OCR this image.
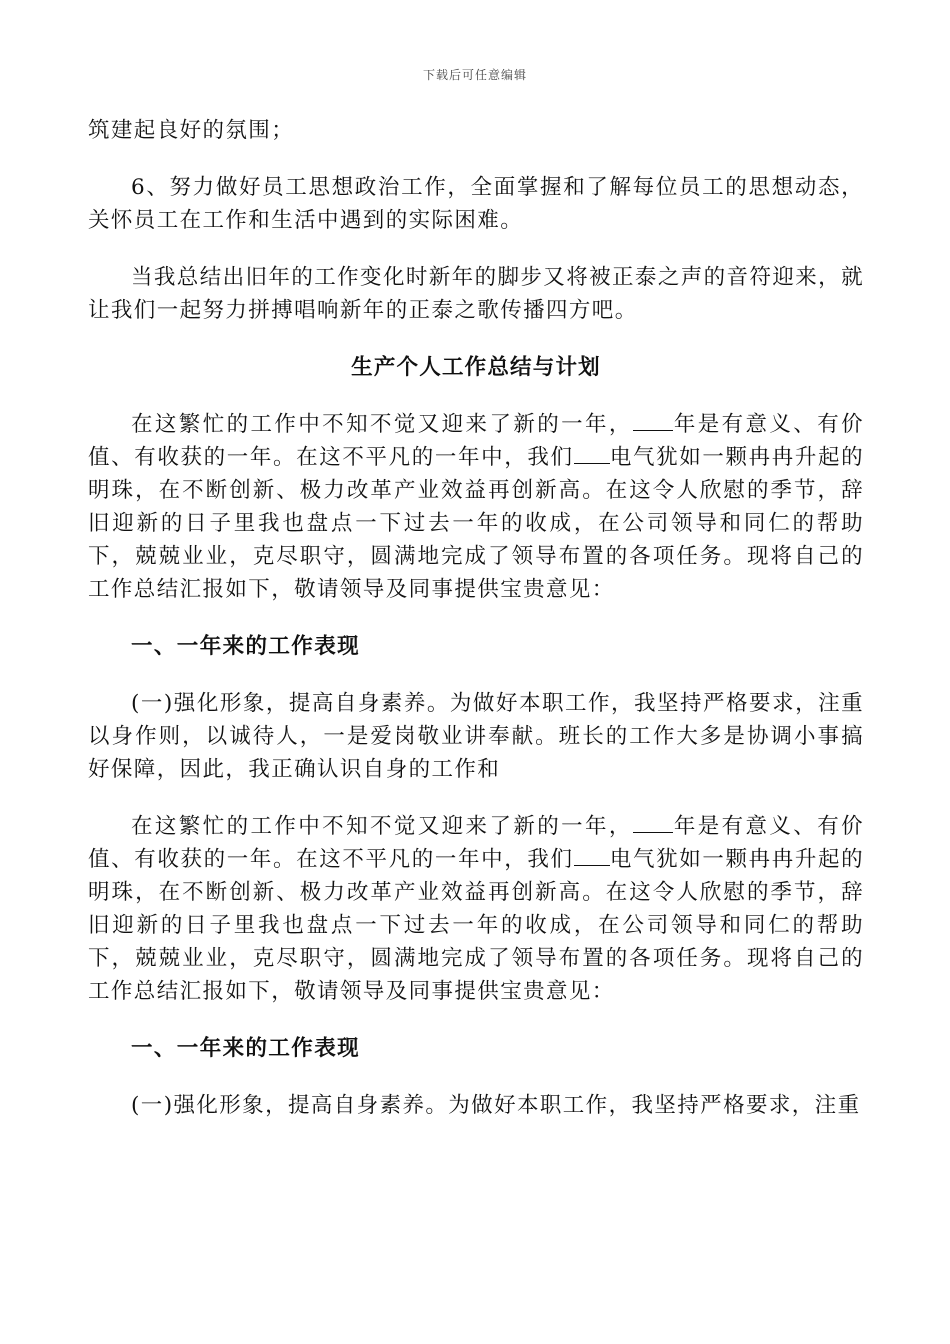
下载后可任意编辑

筑建起良好的氛围；

6、努力做好员工思想政治工作，全面掌握和了解每位员工的思想动态，关怀员工在工作和生活中遇到的实际困难。

当我总结出旧年的工作变化时新年的脚步又将被正泰之声的音符迎来，就让我们一起努力拼搏唱响新年的正泰之歌传播四方吧。

生产个人工作总结与计划

在这繁忙的工作中不知不觉又迎来了新的一年， 年是有意义、有价值、有收获的一年。在这不平凡的一年中，我们 电气犹如一颗冉冉升起的明珠，在不断创新、极力改革产业效益再创新高。在这令人欣慰的季节，辞旧迎新的日子里我也盘点一下过去一年的收成，在公司领导和同仁的帮助下，兢兢业业，克尽职守，圆满地完成了领导布置的各项任务。现将自己的工作总结汇报如下，敬请领导及同事提供宝贵意见：

一、一年来的工作表现

(一)强化形象，提高自身素养。为做好本职工作，我坚持严格要求，注重以身作则，以诚待人，一是爱岗敬业讲奉献。班长的工作大多是协调小事搞好保障，因此，我正确认识自身的工作和

在这繁忙的工作中不知不觉又迎来了新的一年， 年是有意义、有价值、有收获的一年。在这不平凡的一年中，我们 电气犹如一颗冉冉升起的明珠，在不断创新、极力改革产业效益再创新高。在这令人欣慰的季节，辞旧迎新的日子里我也盘点一下过去一年的收成，在公司领导和同仁的帮助下，兢兢业业，克尽职守，圆满地完成了领导布置的各项任务。现将自己的工作总结汇报如下，敬请领导及同事提供宝贵意见：

一、一年来的工作表现

(一)强化形象，提高自身素养。为做好本职工作，我坚持严格要求，注重
